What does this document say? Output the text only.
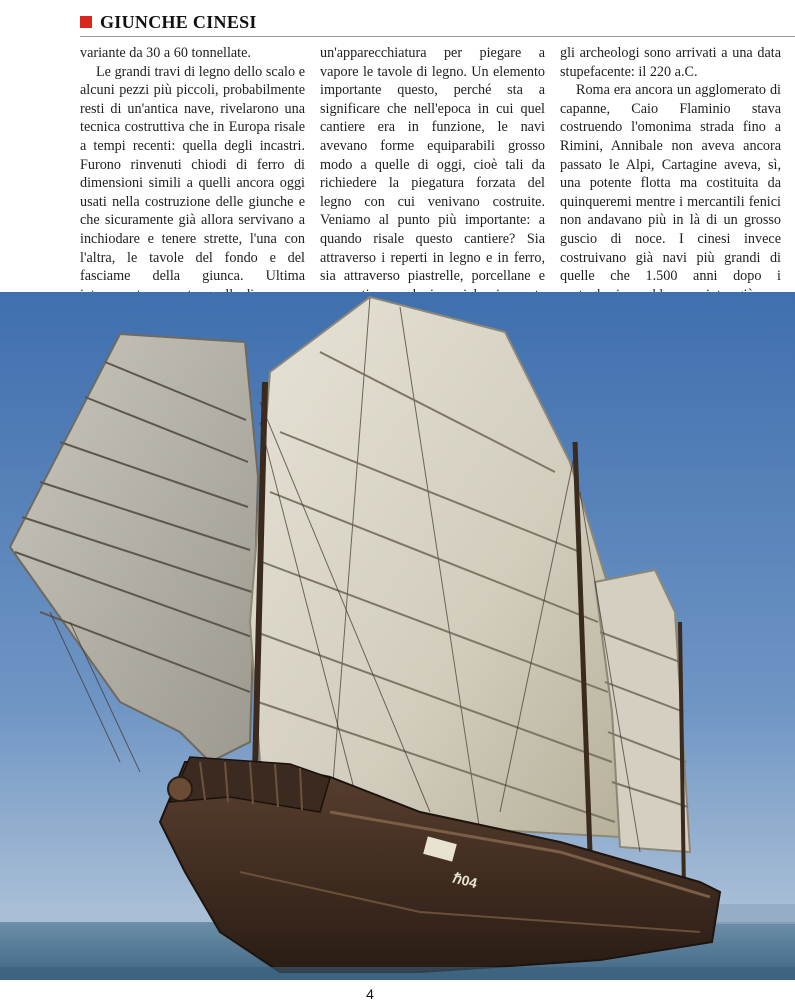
GIUNCHE CINESI

variante da 30 a 60 tonnellate.

Le grandi travi di legno dello scalo e alcuni pezzi più piccoli, probabilmente resti di un'antica nave, rivelarono una tecnica costruttiva che in Europa risale a tempi recenti: quella degli incastri. Furono rinvenuti chiodi di ferro di dimensioni simili a quelli ancora oggi usati nella costruzione delle giunche e che sicuramente già allora servivano a inchiodare e tenere strette, l'una con l'altra, le tavole del fondo e del fasciame della giunca. Ultima

un'apparecchiatura per piegare a vapore le tavole di legno. Un elemento importante questo, perché sta a significare che nell'epoca in cui quel cantiere era in funzione, le navi avevano forme equiparabili grosso modo a quelle di oggi, cioè tali da richiedere la piegatura forzata del legno con cui venivano costruite. Veniamo al punto più importante: a quando risale questo cantiere? Sia attraverso i reperti in legno e in ferro, sia attraverso piastrelle, porcellane e

gli archeologi sono arrivati a una data stupefacente: il 220 a.C.

Roma era ancora un agglomerato di capanne, Caio Flaminio stava costruendo l'omonima strada fino a Rimini, Annibale non aveva ancora passato le Alpi, Cartagine aveva, sì, una potente flotta ma costituita da quinqueremi mentre i mercantili fenici non andavano più in là di un grosso guscio di noce. I cinesi invece costruivano già navi più grandi di quelle che 1.500 anni dopo i

ℏ04
4
